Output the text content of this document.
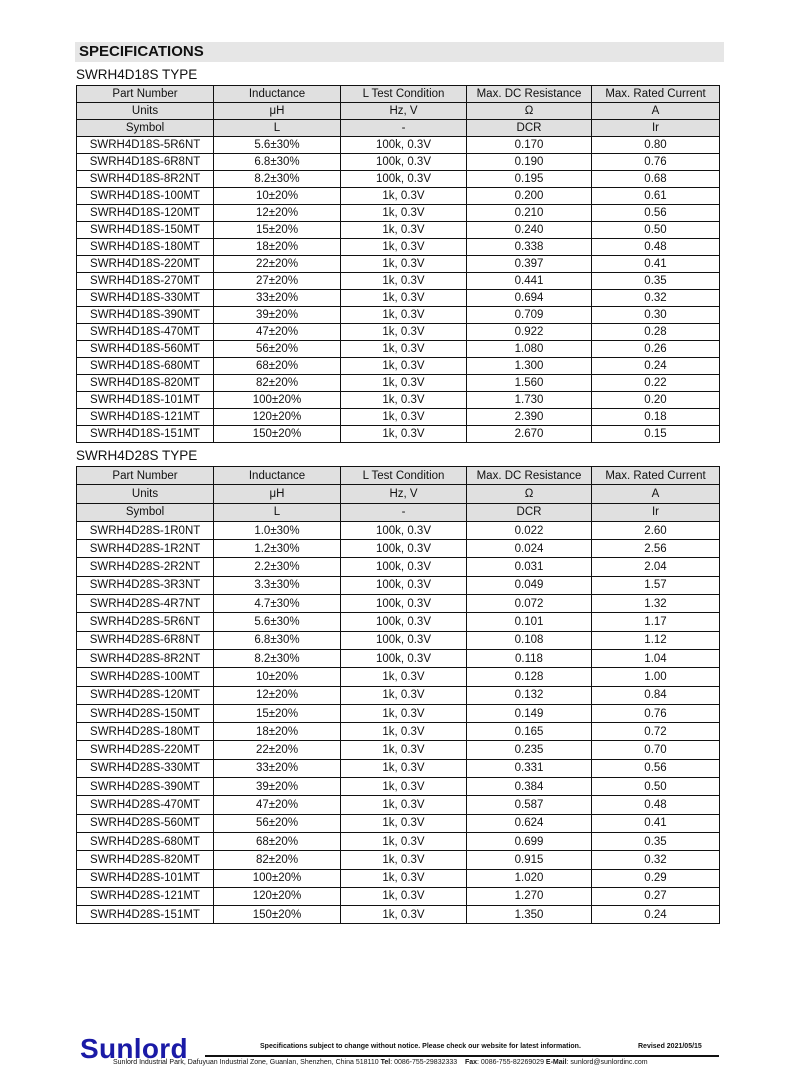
SPECIFICATIONS
SWRH4D18S TYPE
Part Number	Inductance	L Test Condition	Max. DC Resistance	Max. Rated Current
Units	μH	Hz, V	Ω	A
Symbol	L	-	DCR	Ir
SWRH4D18S-5R6NT	5.6±30%	100k, 0.3V	0.170	0.80
SWRH4D18S-6R8NT	6.8±30%	100k, 0.3V	0.190	0.76
SWRH4D18S-8R2NT	8.2±30%	100k, 0.3V	0.195	0.68
SWRH4D18S-100MT	10±20%	1k, 0.3V	0.200	0.61
SWRH4D18S-120MT	12±20%	1k, 0.3V	0.210	0.56
SWRH4D18S-150MT	15±20%	1k, 0.3V	0.240	0.50
SWRH4D18S-180MT	18±20%	1k, 0.3V	0.338	0.48
SWRH4D18S-220MT	22±20%	1k, 0.3V	0.397	0.41
SWRH4D18S-270MT	27±20%	1k, 0.3V	0.441	0.35
SWRH4D18S-330MT	33±20%	1k, 0.3V	0.694	0.32
SWRH4D18S-390MT	39±20%	1k, 0.3V	0.709	0.30
SWRH4D18S-470MT	47±20%	1k, 0.3V	0.922	0.28
SWRH4D18S-560MT	56±20%	1k, 0.3V	1.080	0.26
SWRH4D18S-680MT	68±20%	1k, 0.3V	1.300	0.24
SWRH4D18S-820MT	82±20%	1k, 0.3V	1.560	0.22
SWRH4D18S-101MT	100±20%	1k, 0.3V	1.730	0.20
SWRH4D18S-121MT	120±20%	1k, 0.3V	2.390	0.18
SWRH4D18S-151MT	150±20%	1k, 0.3V	2.670	0.15
SWRH4D28S TYPE
Part Number	Inductance	L Test Condition	Max. DC Resistance	Max. Rated Current
Units	μH	Hz, V	Ω	A
Symbol	L	-	DCR	Ir
SWRH4D28S-1R0NT	1.0±30%	100k, 0.3V	0.022	2.60
SWRH4D28S-1R2NT	1.2±30%	100k, 0.3V	0.024	2.56
SWRH4D28S-2R2NT	2.2±30%	100k, 0.3V	0.031	2.04
SWRH4D28S-3R3NT	3.3±30%	100k, 0.3V	0.049	1.57
SWRH4D28S-4R7NT	4.7±30%	100k, 0.3V	0.072	1.32
SWRH4D28S-5R6NT	5.6±30%	100k, 0.3V	0.101	1.17
SWRH4D28S-6R8NT	6.8±30%	100k, 0.3V	0.108	1.12
SWRH4D28S-8R2NT	8.2±30%	100k, 0.3V	0.118	1.04
SWRH4D28S-100MT	10±20%	1k, 0.3V	0.128	1.00
SWRH4D28S-120MT	12±20%	1k, 0.3V	0.132	0.84
SWRH4D28S-150MT	15±20%	1k, 0.3V	0.149	0.76
SWRH4D28S-180MT	18±20%	1k, 0.3V	0.165	0.72
SWRH4D28S-220MT	22±20%	1k, 0.3V	0.235	0.70
SWRH4D28S-330MT	33±20%	1k, 0.3V	0.331	0.56
SWRH4D28S-390MT	39±20%	1k, 0.3V	0.384	0.50
SWRH4D28S-470MT	47±20%	1k, 0.3V	0.587	0.48
SWRH4D28S-560MT	56±20%	1k, 0.3V	0.624	0.41
SWRH4D28S-680MT	68±20%	1k, 0.3V	0.699	0.35
SWRH4D28S-820MT	82±20%	1k, 0.3V	0.915	0.32
SWRH4D28S-101MT	100±20%	1k, 0.3V	1.020	0.29
SWRH4D28S-121MT	120±20%	1k, 0.3V	1.270	0.27
SWRH4D28S-151MT	150±20%	1k, 0.3V	1.350	0.24
Specifications subject to change without notice. Please check our website for latest information.	Revised 2021/05/15
Sunlord
Sunlord Industrial Park, Dafuyuan Industrial Zone, Guanlan, Shenzhen, China 518110 Tel: 0086-755-29832333 Fax: 0086-755-82269029 E-Mail: sunlord@sunlordinc.com
